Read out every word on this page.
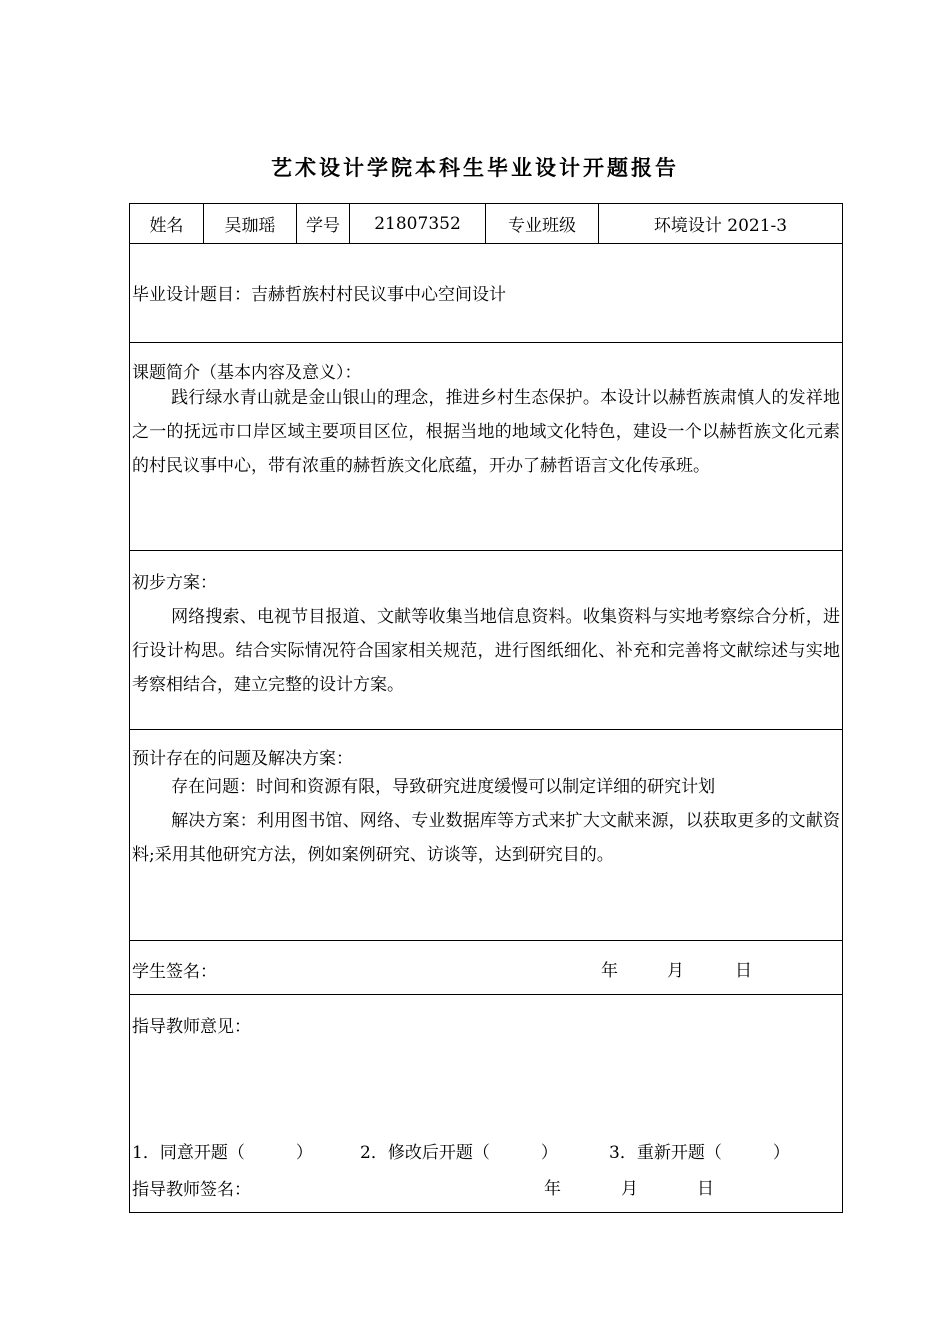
艺术设计学院本科生毕业设计开题报告
姓名	吴珈瑶	学号	21807352	专业班级	环境设计 2021-3
毕业设计题目：吉赫哲族村村民议事中心空间设计
课题简介（基本内容及意义）：
践行绿水青山就是金山银山的理念，推进乡村生态保护。本设计以赫哲族肃慎人的发祥地之一的抚远市口岸区域主要项目区位，根据当地的地域文化特色，建设一个以赫哲族文化元素的村民议事中心，带有浓重的赫哲族文化底蕴，开办了赫哲语言文化传承班。
初步方案：
网络搜索、电视节目报道、文献等收集当地信息资料。收集资料与实地考察综合分析，进行设计构思。结合实际情况符合国家相关规范，进行图纸细化、补充和完善将文献综述与实地考察相结合，建立完整的设计方案。
预计存在的问题及解决方案：
存在问题：时间和资源有限，导致研究进度缓慢可以制定详细的研究计划
解决方案：利用图书馆、网络、专业数据库等方式来扩大文献来源，以获取更多的文献资料;采用其他研究方法，例如案例研究、访谈等，达到研究目的。
学生签名：	年	月	日
指导教师意见：
1．同意开题（　　　）	2．修改后开题（　　　）	3．重新开题（　　　）
指导教师签名：	年	月	日
